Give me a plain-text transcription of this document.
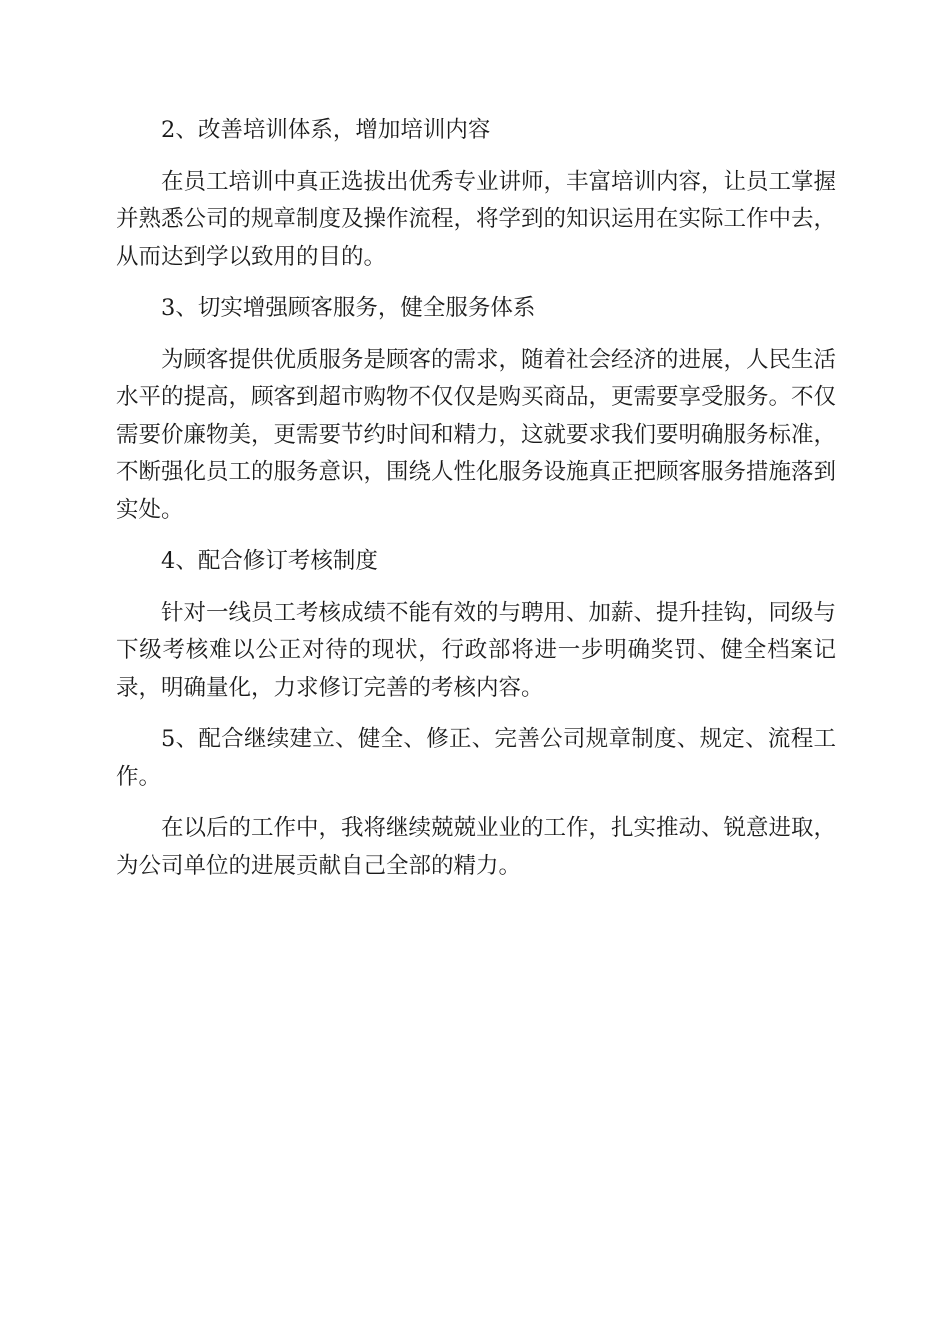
2、改善培训体系，增加培训内容

在员工培训中真正选拔出优秀专业讲师，丰富培训内容，让员工掌握并熟悉公司的规章制度及操作流程，将学到的知识运用在实际工作中去，从而达到学以致用的目的。

3、切实增强顾客服务，健全服务体系

为顾客提供优质服务是顾客的需求，随着社会经济的进展，人民生活水平的提高，顾客到超市购物不仅仅是购买商品，更需要享受服务。不仅需要价廉物美，更需要节约时间和精力，这就要求我们要明确服务标准，不断强化员工的服务意识，围绕人性化服务设施真正把顾客服务措施落到实处。

4、配合修订考核制度

针对一线员工考核成绩不能有效的与聘用、加薪、提升挂钩，同级与下级考核难以公正对待的现状，行政部将进一步明确奖罚、健全档案记录，明确量化，力求修订完善的考核内容。

5、配合继续建立、健全、修正、完善公司规章制度、规定、流程工作。

在以后的工作中，我将继续兢兢业业的工作，扎实推动、锐意进取，为公司单位的进展贡献自己全部的精力。
